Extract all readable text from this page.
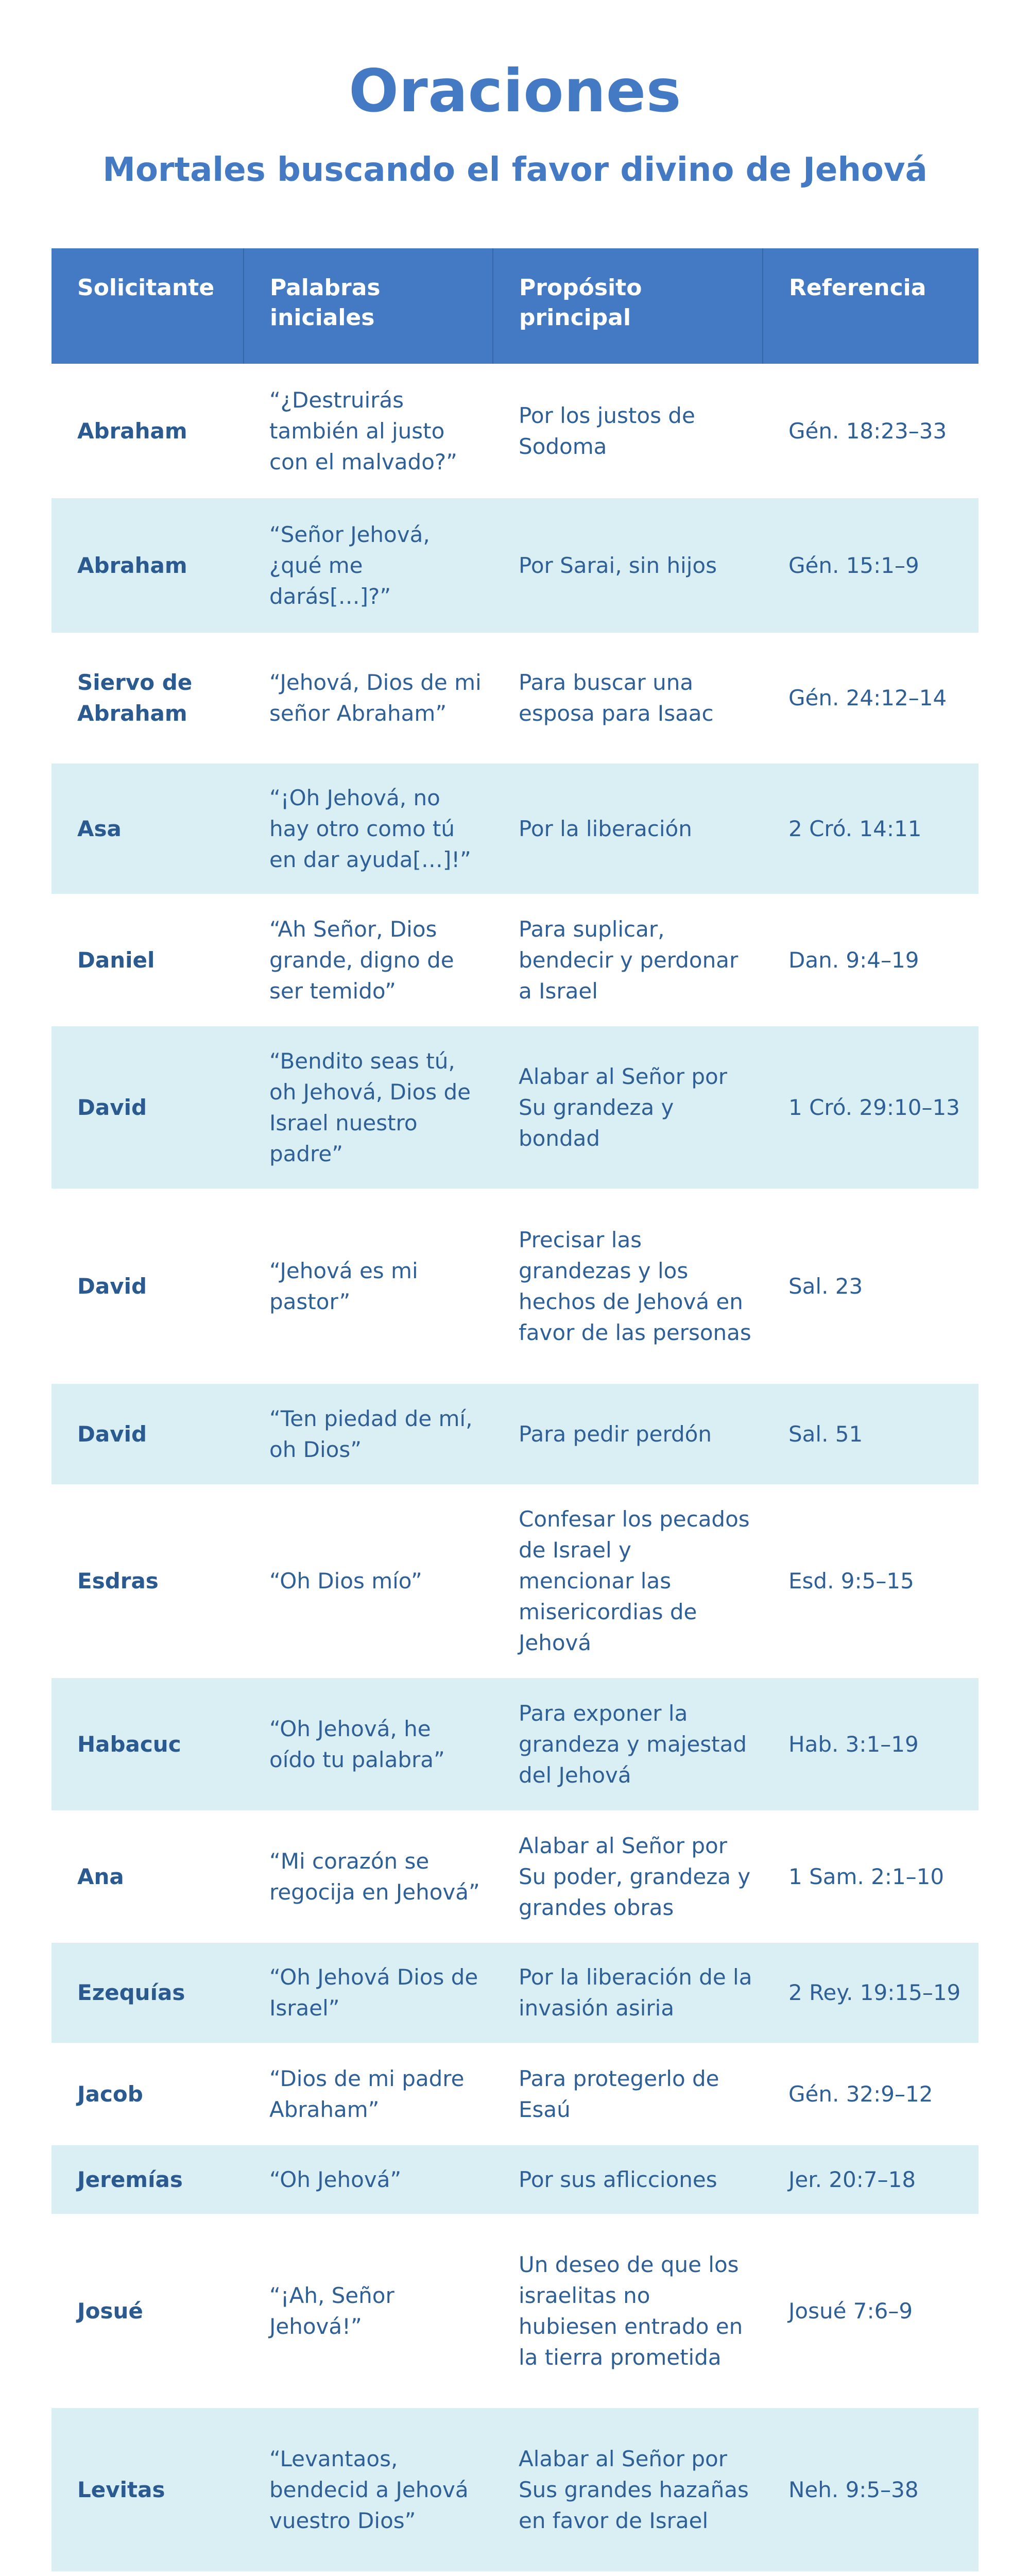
Oraciones
Mortales buscando el favor divino de Jehová
Solicitante	Palabras iniciales	Propósito principal	Referencia
Abraham	“¿Destruirás también al justo con el malvado?”	Por los justos de Sodoma	Gén. 18:23–33
Abraham	“Señor Jehová, ¿qué me darás[…]?”	Por Sarai, sin hijos	Gén. 15:1–9
Siervo de Abraham	“Jehová, Dios de mi señor Abraham”	Para buscar una esposa para Isaac	Gén. 24:12–14
Asa	“¡Oh Jehová, no hay otro como tú en dar ayuda[…]!”	Por la liberación	2 Cró. 14:11
Daniel	“Ah Señor, Dios grande, digno de ser temido”	Para suplicar, bendecir y perdonar a Israel	Dan. 9:4–19
David	“Bendito seas tú, oh Jehová, Dios de Israel nuestro padre”	Alabar al Señor por Su grandeza y bondad	1 Cró. 29:10–13
David	“Jehová es mi pastor”	Precisar las grandezas y los hechos de Jehová en favor de las personas	Sal. 23
David	“Ten piedad de mí, oh Dios”	Para pedir perdón	Sal. 51
Esdras	“Oh Dios mío”	Confesar los pecados de Israel y mencionar las misericordias de Jehová	Esd. 9:5–15
Habacuc	“Oh Jehová, he oído tu palabra”	Para exponer la grandeza y majestad del Jehová	Hab. 3:1–19
Ana	“Mi corazón se regocija en Jehová”	Alabar al Señor por Su poder, grandeza y grandes obras	1 Sam. 2:1–10
Ezequías	“Oh Jehová Dios de Israel”	Por la liberación de la invasión asiria	2 Rey. 19:15–19
Jacob	“Dios de mi padre Abraham”	Para protegerlo de Esaú	Gén. 32:9–12
Jeremías	“Oh Jehová”	Por sus aflicciones	Jer. 20:7–18
Josué	“¡Ah, Señor Jehová!”	Un deseo de que los israelitas no hubiesen entrado en la tierra prometida	Josué 7:6–9
Levitas	“Levantaos, bendecid a Jehová vuestro Dios”	Alabar al Señor por Sus grandes hazañas en favor de Israel	Neh. 9:5–38
